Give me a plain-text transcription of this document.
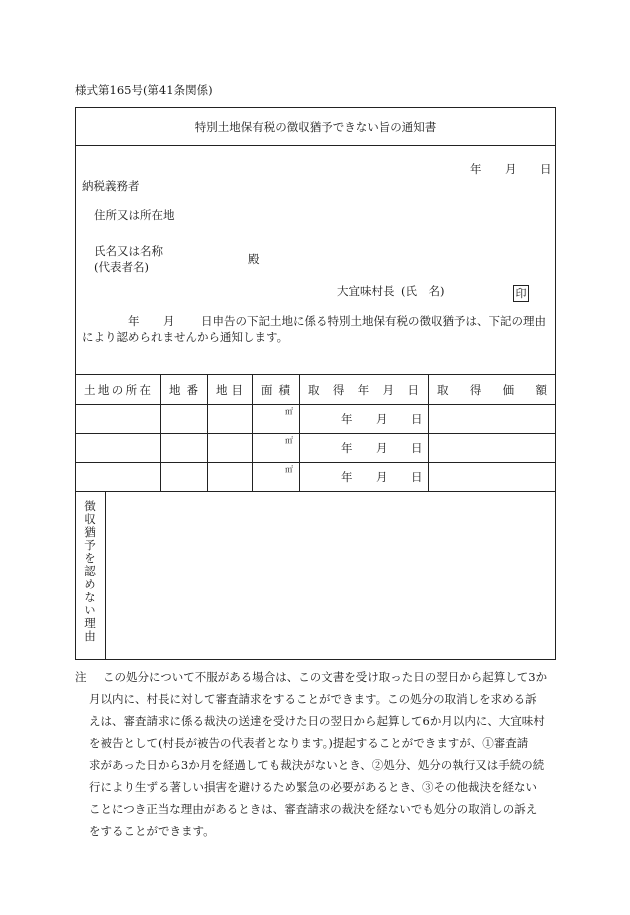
様式第165号(第41条関係)
特別土地保有税の徴収猶予できない旨の通知書
年 月 日
納税義務者
住所又は所在地
氏名又は名称
(代表者名)
殿
大宜味村長 (氏　名)	印
年 月 日申告の下記土地に係る特別土地保有税の徴収猶予は、下記の理由
により認められませんから通知します。
土 地 の 所 在 地 番 地 目 面 積 取 得 年 月 日 取 得 価 額
㎡
年 月 日
㎡
年 月 日
㎡
年 月 日
徴収猶予を認めない理由
注	この処分について不服がある場合は、この文書を受け取った日の翌日から起算して3か
月以内に、村長に対して審査請求をすることができます。この処分の取消しを求める訴
えは、審査請求に係る裁決の送達を受けた日の翌日から起算して6か月以内に、大宜味村
を被告として(村長が被告の代表者となります。)提起することができますが、①審査請
求があった日から3か月を経過しても裁決がないとき、②処分、処分の執行又は手続の続
行により生ずる著しい損害を避けるため緊急の必要があるとき、③その他裁決を経ない
ことにつき正当な理由があるときは、審査請求の裁決を経ないでも処分の取消しの訴え
をすることができます。
